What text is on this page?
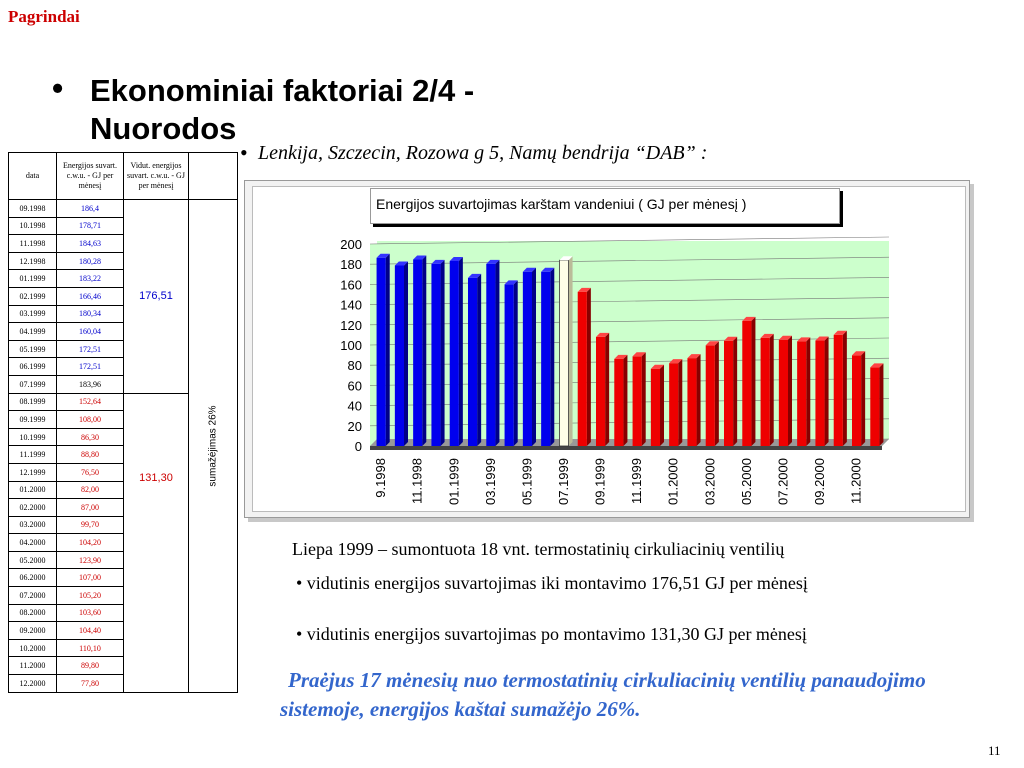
Pagrindai
• Ekonominiai faktoriai 2/4 - Nuorodos
• Lenkija, Szczecin, Rozowa g 5, Namų bendrija “DAB” :
data	Energijos suvart. c.w.u. - GJ per mėnesį	Vidut. energijos suvart. c.w.u. - GJ per mėnesį	
09.1998	186,4	176,51	sumažėjimas 26%

10.1998	178,71		
11.1998	184,63		
12.1998	180,28		
01.1999	183,22		
02.1999	166,46		
03.1999	180,34		
04.1999	160,04		
05.1999	172,51		
06.1999	172,51		
07.1999	183,96		
08.1999	152,64	131,30	
09.1999	108,00		
10.1999	86,30		
11.1999	88,80		
12.1999	76,50		
01.2000	82,00		
02.2000	87,00		
03.2000	99,70		
04.2000	104,20		
05.2000	123,90		
06.2000	107,00		
07.2000	105,20		
08.2000	103,60		
09.2000	104,40		
10.2000	110,10		
11.2000	89,80		
12.2000	77,80		
Energijos suvartojimas karštam vandeniui ( GJ per mėnesį )
0
20
40
60
80
100
120
140
160
180
200
9.1998 11.1998 01.1999 03.1999 05.1999 07.1999 09.1999 11.1999 01.2000 03.2000 05.2000 07.2000 09.2000 11.2000
Liepa 1999 – sumontuota 18 vnt. termostatinių cirkuliacinių ventilių
• vidutinis energijos suvartojimas iki montavimo 176,51 GJ per mėnesį
• vidutinis energijos suvartojimas po montavimo 131,30 GJ per mėnesį
Praėjus 17 mėnesių nuo termostatinių cirkuliacinių ventilių panaudojimo sistemoje, energijos kaštai sumažėjo 26%.
11
